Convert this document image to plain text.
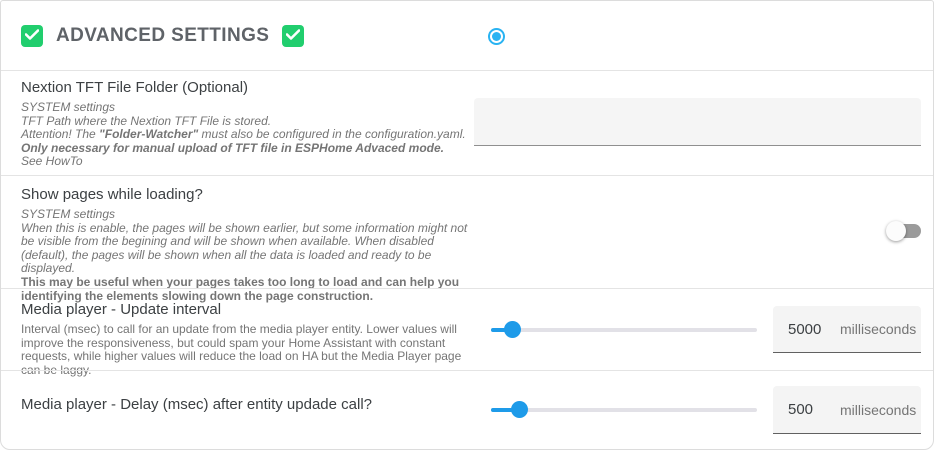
ADVANCED SETTINGS
Nextion TFT File Folder (Optional)
SYSTEM settings
TFT Path where the Nextion TFT File is stored.
Attention! The "Folder-Watcher" must also be configured in the configuration.yaml.
Only necessary for manual upload of TFT file in ESPHome Advaced mode.
See HowTo
Show pages while loading?
SYSTEM settings
When this is enable, the pages will be shown earlier, but some information might not be visible from the begining and will be shown when available. When disabled (default), the pages will be shown when all the data is loaded and ready to be displayed.
This may be useful when your pages takes too long to load and can help you identifying the elements slowing down the page construction.
Media player - Update interval
Interval (msec) to call for an update from the media player entity. Lower values will improve the responsiveness, but could spam your Home Assistant with constant requests, while higher values will reduce the load on HA but the Media Player page can be laggy.
5000
milliseconds
Media player - Delay (msec) after entity updade call?
500	milliseconds
